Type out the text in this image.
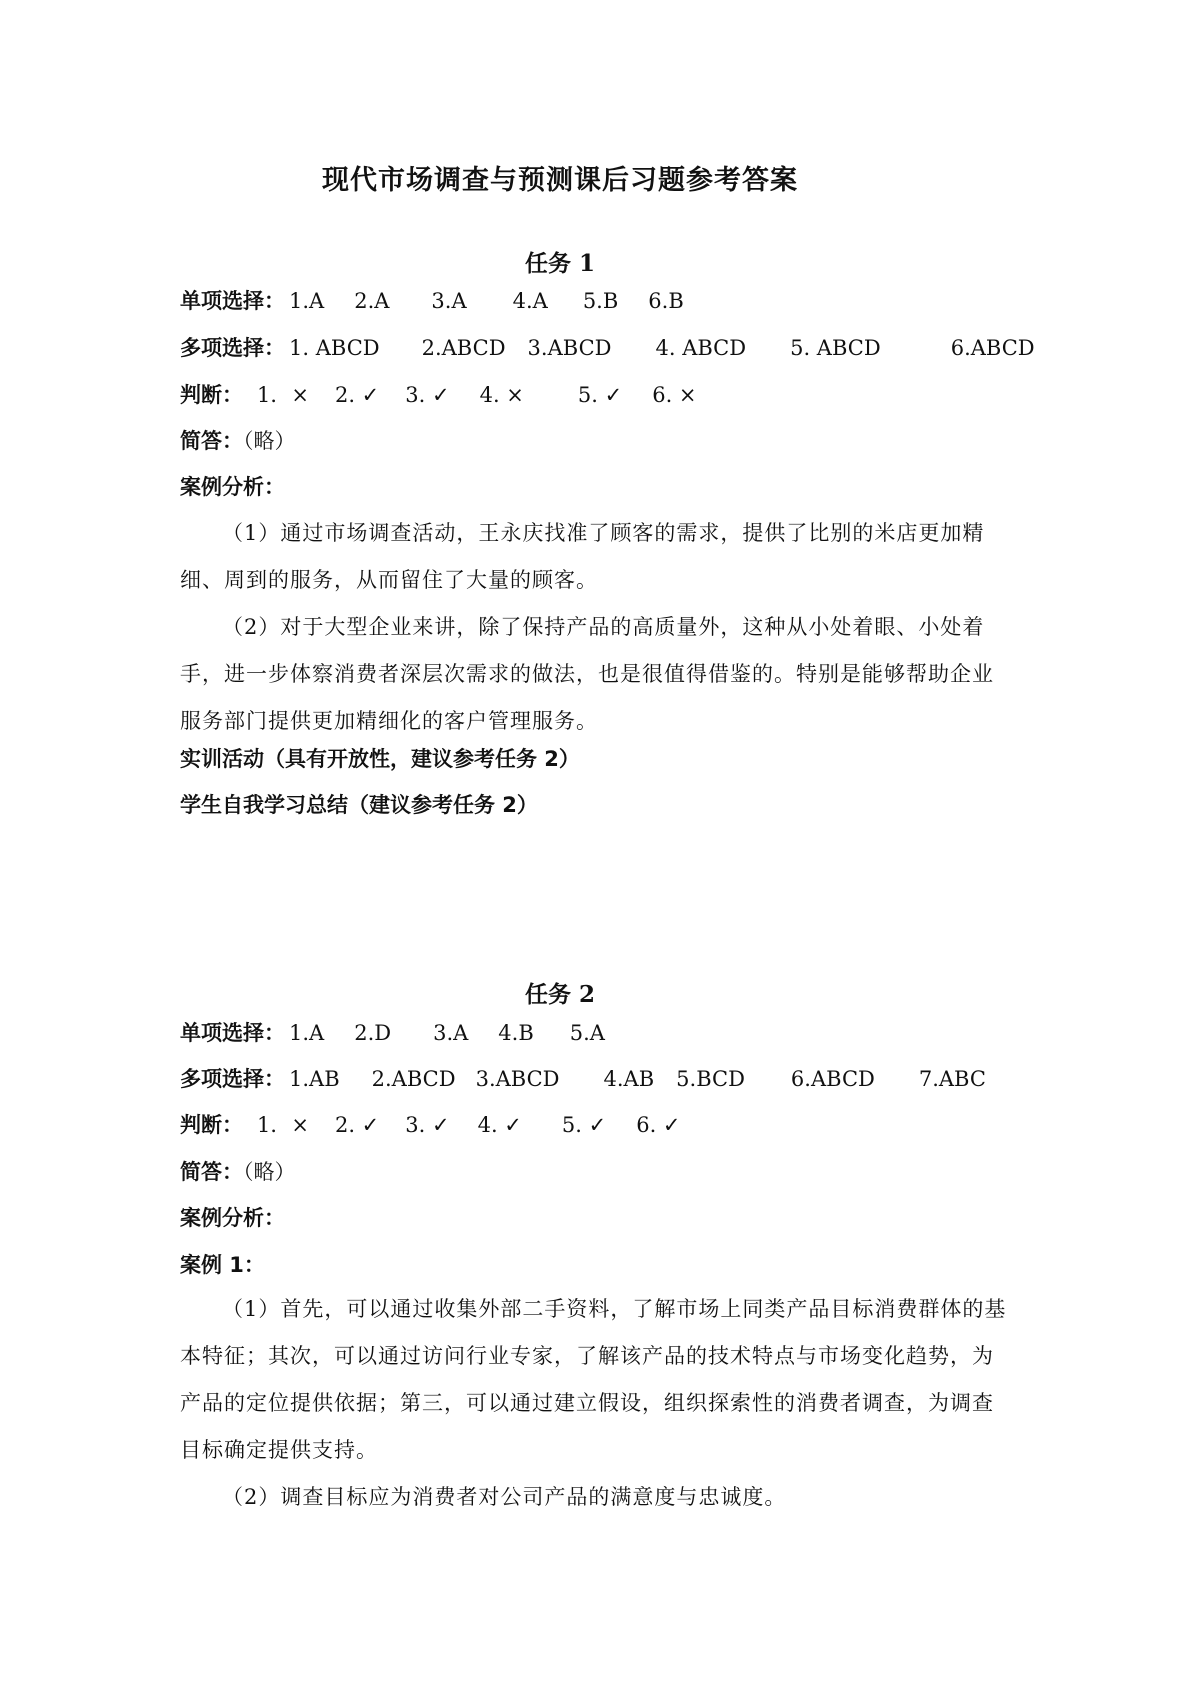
现代市场调查与预测课后习题参考答案
任务 1
单项选择： 1.A 2.A 3.A 4.A 5.B 6.B
多项选择： 1. ABCD 2.ABCD 3.ABCD 4. ABCD 5. ABCD	6.ABCD
判断： 1．× 2. ✓ 3. ✓ 4. ×	5. ✓ 6. ×
简答：（略）
案例分析：
（1）通过市场调查活动，王永庆找准了顾客的需求，提供了比别的米店更加精细、周到的服务，从而留住了大量的顾客。
（2）对于大型企业来讲，除了保持产品的高质量外，这种从小处着眼、小处着手，进一步体察消费者深层次需求的做法，也是很值得借鉴的。特别是能够帮助企业服务部门提供更加精细化的客户管理服务。
实训活动（具有开放性，建议参考任务 2）
学生自我学习总结（建议参考任务 2）
任务 2
单项选择： 1.A 2.D 3.A 4.B 5.A
多项选择： 1.AB 2.ABCD 3.ABCD 4.AB 5.BCD 6.ABCD 7.ABC
判断： 1．× 2. ✓ 3. ✓ 4. ✓ 5. ✓ 6. ✓
简答：（略）
案例分析：
案例 1：
（1）首先，可以通过收集外部二手资料，了解市场上同类产品目标消费群体的基本特征；其次，可以通过访问行业专家，了解该产品的技术特点与市场变化趋势，为产品的定位提供依据；第三，可以通过建立假设，组织探索性的消费者调查，为调查目标确定提供支持。
（2）调查目标应为消费者对公司产品的满意度与忠诚度。
